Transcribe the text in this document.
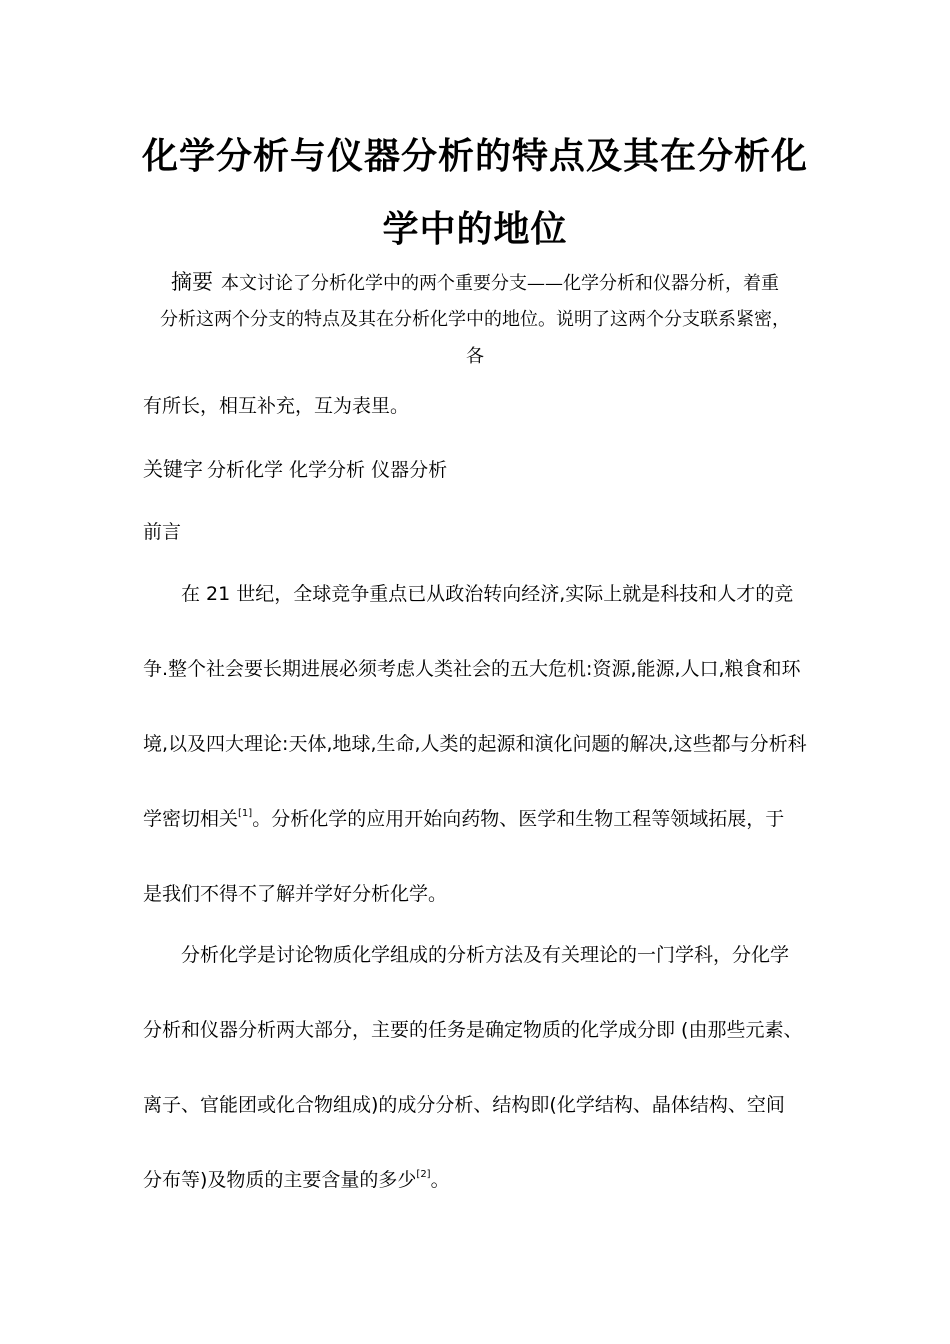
化学分析与仪器分析的特点及其在分析化
学中的地位
摘要 本文讨论了分析化学中的两个重要分支——化学分析和仪器分析，着重
分析这两个分支的特点及其在分析化学中的地位。说明了这两个分支联系紧密，
各
有所长，相互补充，互为表里。
关键字 分析化学 化学分析 仪器分析
前言
在 21 世纪，全球竞争重点已从政治转向经济,实际上就是科技和人才的竞
争.整个社会要长期进展必须考虑人类社会的五大危机:资源,能源,人口,粮食和环
境,以及四大理论:天体,地球,生命,人类的起源和演化问题的解决,这些都与分析科
学密切相关[1]。分析化学的应用开始向药物、医学和生物工程等领域拓展，于
是我们不得不了解并学好分析化学。
分析化学是讨论物质化学组成的分析方法及有关理论的一门学科，分化学
分析和仪器分析两大部分，主要的任务是确定物质的化学成分即 (由那些元素、
离子、官能团或化合物组成)的成分分析、结构即(化学结构、晶体结构、空间
分布等)及物质的主要含量的多少[2]。
